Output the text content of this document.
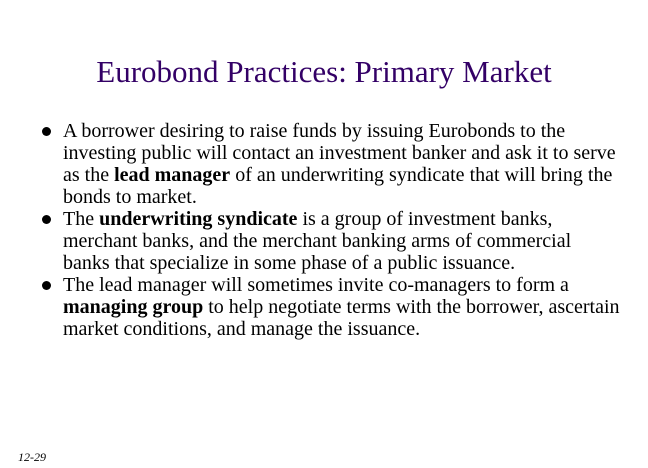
Eurobond Practices: Primary Market
A borrower desiring to raise funds by issuing Eurobonds to the investing public will contact an investment banker and ask it to serve as the lead manager of an underwriting syndicate that will bring the bonds to market.
The underwriting syndicate is a group of investment banks, merchant banks, and the merchant banking arms of commercial banks that specialize in some phase of a public issuance.
The lead manager will sometimes invite co-managers to form a managing group to help negotiate terms with the borrower, ascertain market conditions, and manage the issuance.
12-29
